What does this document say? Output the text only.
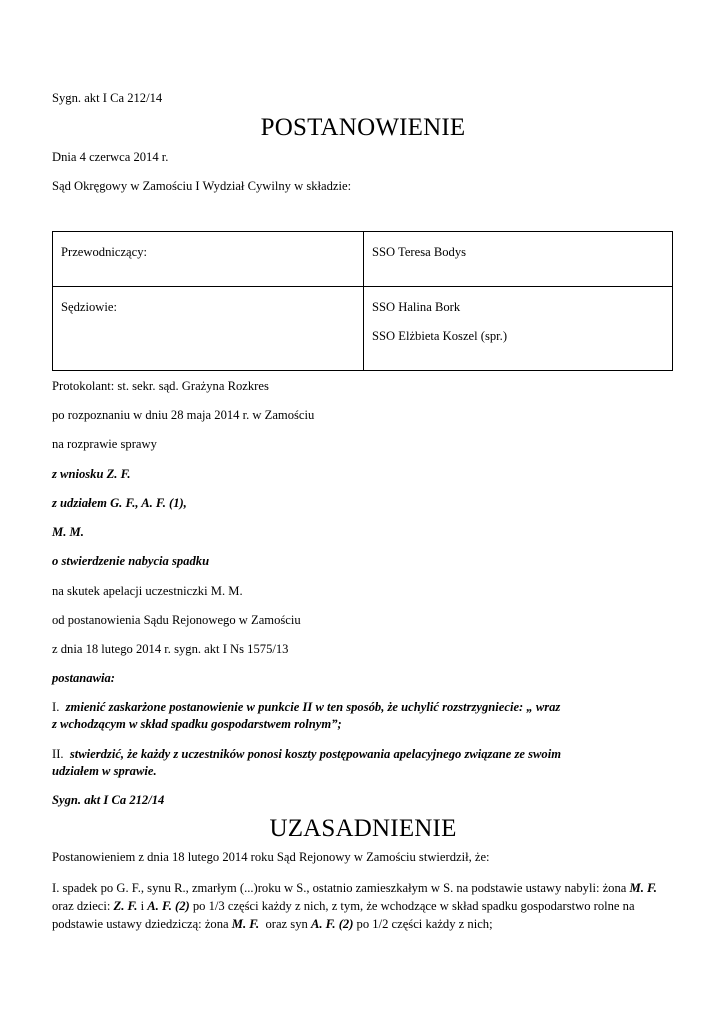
Sygn. akt I Ca 212/14
POSTANOWIENIE
Dnia 4 czerwca 2014 r.
Sąd Okręgowy w Zamościu I Wydział Cywilny w składzie:
Przewodniczący:	SSO Teresa Bodys

Sędziowie:	SSO Halina Bork
SSO Elżbieta Koszel (spr.)
Protokolant: st. sekr. sąd. Grażyna Rozkres
po rozpoznaniu w dniu 28 maja 2014 r. w Zamościu
na rozprawie sprawy
z wniosku Z. F.
z udziałem G. F., A. F. (1),
M. M.
o stwierdzenie nabycia spadku
na skutek apelacji uczestniczki M. M.
od postanowienia Sądu Rejonowego w Zamościu
z dnia 18 lutego 2014 r. sygn. akt I Ns 1575/13
postanawia:
I. zmienić zaskarżone postanowienie w punkcie II w ten sposób, że uchylić rozstrzygniecie: „ wraz
z wchodzącym w skład spadku gospodarstwem rolnym”;
II. stwierdzić, że każdy z uczestników ponosi koszty postępowania apelacyjnego związane ze swoim
udziałem w sprawie.
Sygn. akt I Ca 212/14
UZASADNIENIE
Postanowieniem z dnia 18 lutego 2014 roku Sąd Rejonowy w Zamościu stwierdził, że:
I. spadek po G. F., synu R., zmarłym (...)roku w S., ostatnio zamieszkałym w S. na podstawie ustawy nabyli: żona M. F. oraz dzieci: Z. F. i A. F. (2) po 1/3 części każdy z nich, z tym, że wchodzące w skład spadku gospodarstwo rolne na podstawie ustawy dziedziczą: żona M. F.  oraz syn A. F. (2) po 1/2 części każdy z nich;
